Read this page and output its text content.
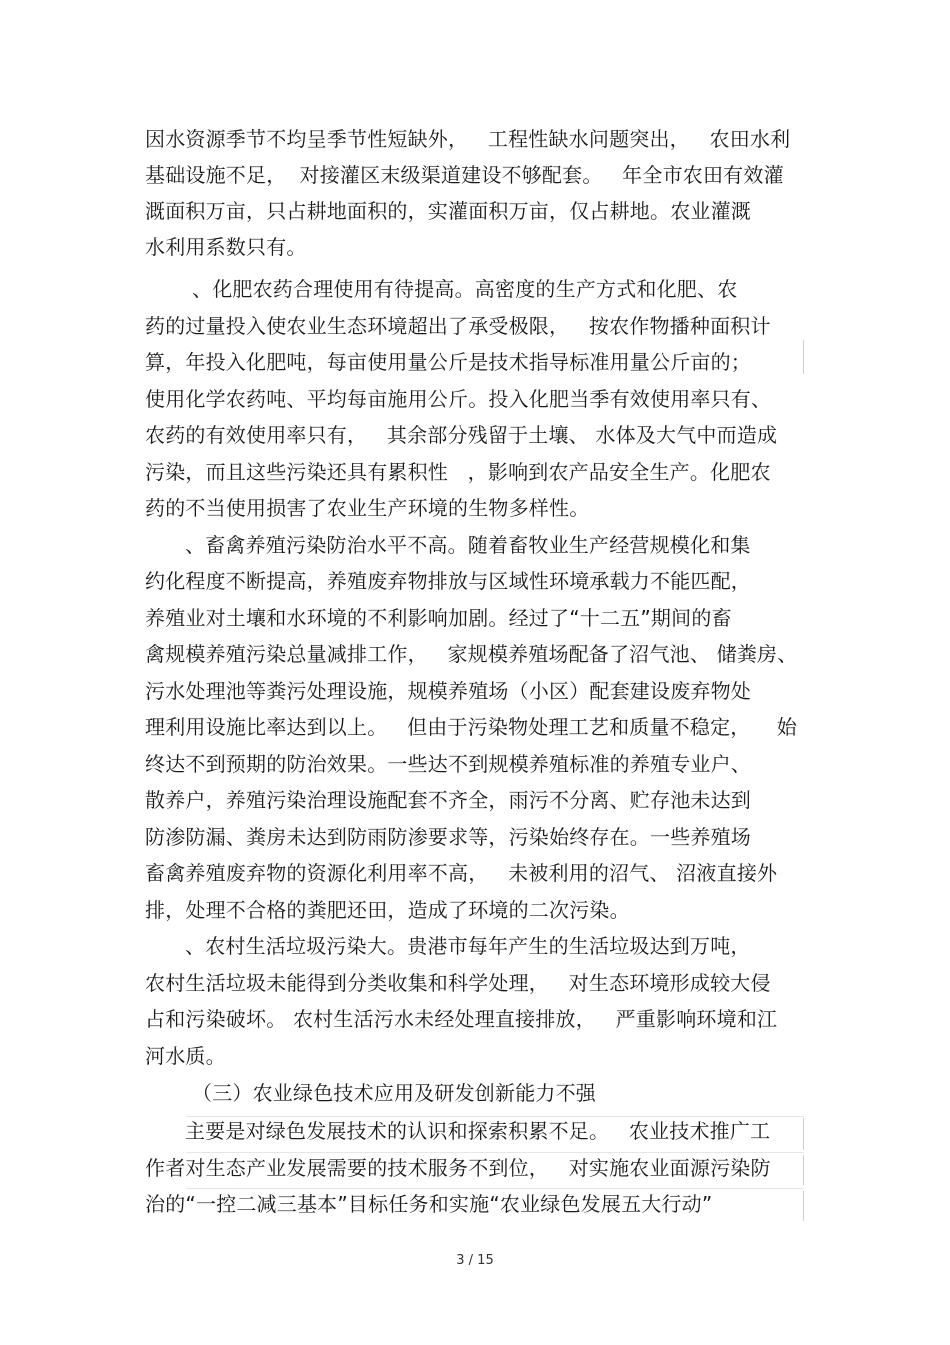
因水资源季节不均呈季节性短缺外，   工程性缺水问题突出，   农田水利
基础设施不足，  对接灌区末级渠道建设不够配套。   年全市农田有效灌
溉面积万亩，只占耕地面积的，实灌面积万亩，仅占耕地。农业灌溉
水利用系数只有。
、化肥农药合理使用有待提高。高密度的生产方式和化肥、农
药的过量投入使农业生态环境超出了承受极限，   按农作物播种面积计
算，年投入化肥吨，每亩使用量公斤是技术指导标准用量公斤亩的；
使用化学农药吨、平均每亩施用公斤。投入化肥当季有效使用率只有、
农药的有效使用率只有，   其余部分残留于土壤、 水体及大气中而造成
污染，而且这些污染还具有累积性   ，影响到农产品安全生产。化肥农
药的不当使用损害了农业生产环境的生物多样性。
、畜禽养殖污染防治水平不高。随着畜牧业生产经营规模化和集
约化程度不断提高，养殖废弃物排放与区域性环境承载力不能匹配，
养殖业对土壤和水环境的不利影响加剧。经过了“十二五”期间的畜
禽规模养殖污染总量减排工作，   家规模养殖场配备了沼气池、 储粪房、
污水处理池等粪污处理设施，规模养殖场（小区）配套建设废弃物处
理利用设施比率达到以上。   但由于污染物处理工艺和质量不稳定，    始
终达不到预期的防治效果。一些达不到规模养殖标准的养殖专业户、
散养户，养殖污染治理设施配套不齐全，雨污不分离、贮存池未达到
防渗防漏、粪房未达到防雨防渗要求等，污染始终存在。一些养殖场
畜禽养殖废弃物的资源化利用率不高，   未被利用的沼气、 沼液直接外
排，处理不合格的粪肥还田，造成了环境的二次污染。
、农村生活垃圾污染大。贵港市每年产生的生活垃圾达到万吨，
农村生活垃圾未能得到分类收集和科学处理，   对生态环境形成较大侵
占和污染破坏。 农村生活污水未经处理直接排放，   严重影响环境和江
河水质。
（三）农业绿色技术应用及研发创新能力不强
主要是对绿色发展技术的认识和探索积累不足。   农业技术推广工
作者对生态产业发展需要的技术服务不到位，   对实施农业面源污染防
治的“一控二减三基本”目标任务和实施“农业绿色发展五大行动”
3 / 15
